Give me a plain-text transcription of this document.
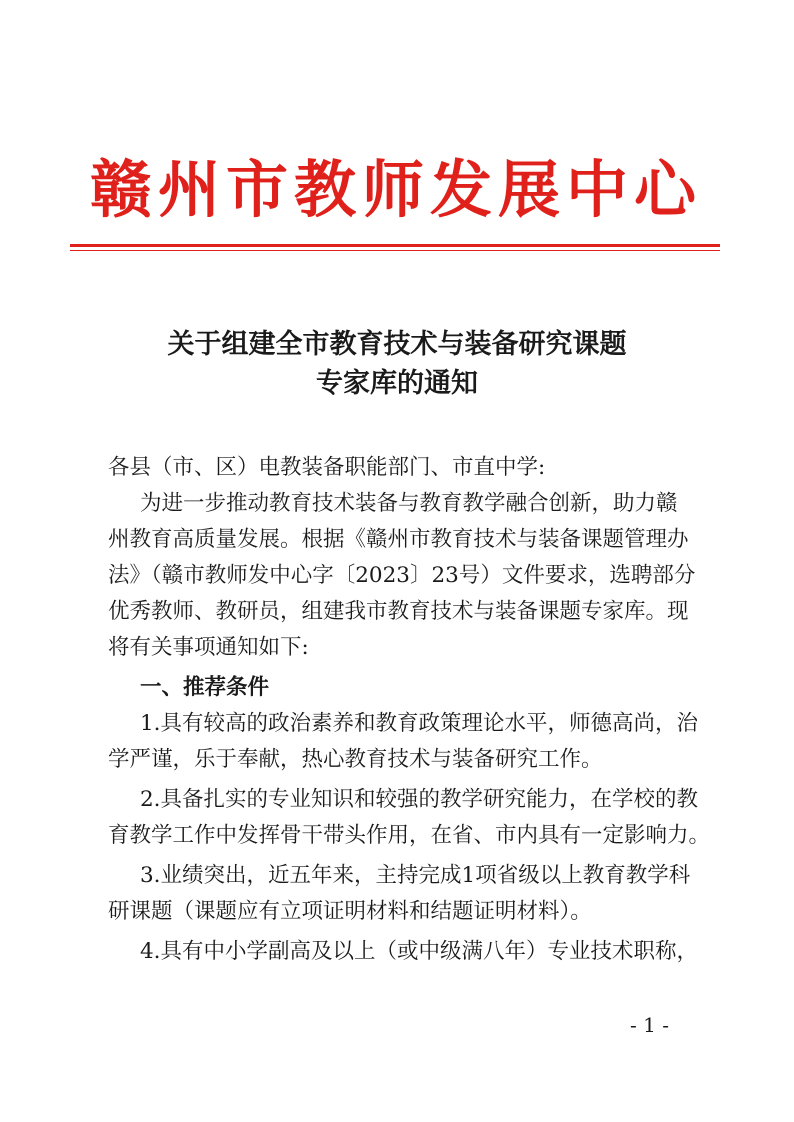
赣州市教师发展中心
关于组建全市教育技术与装备研究课题
专家库的通知
各县（市、区）电教装备职能部门、市直中学:
为进一步推动教育技术装备与教育教学融合创新，助力赣
州教育高质量发展。根据《赣州市教育技术与装备课题管理办
法》（赣市教师发中心字〔2023〕23号）文件要求，选聘部分
优秀教师、教研员，组建我市教育技术与装备课题专家库。现
将有关事项通知如下:
一、推荐条件
1.具有较高的政治素养和教育政策理论水平，师德高尚，治
学严谨，乐于奉献，热心教育技术与装备研究工作。
2.具备扎实的专业知识和较强的教学研究能力，在学校的教
育教学工作中发挥骨干带头作用，在省、市内具有一定影响力。
3.业绩突出，近五年来，主持完成1项省级以上教育教学科
研课题（课题应有立项证明材料和结题证明材料）。
4.具有中小学副高及以上（或中级满八年）专业技术职称，
- 1 -
